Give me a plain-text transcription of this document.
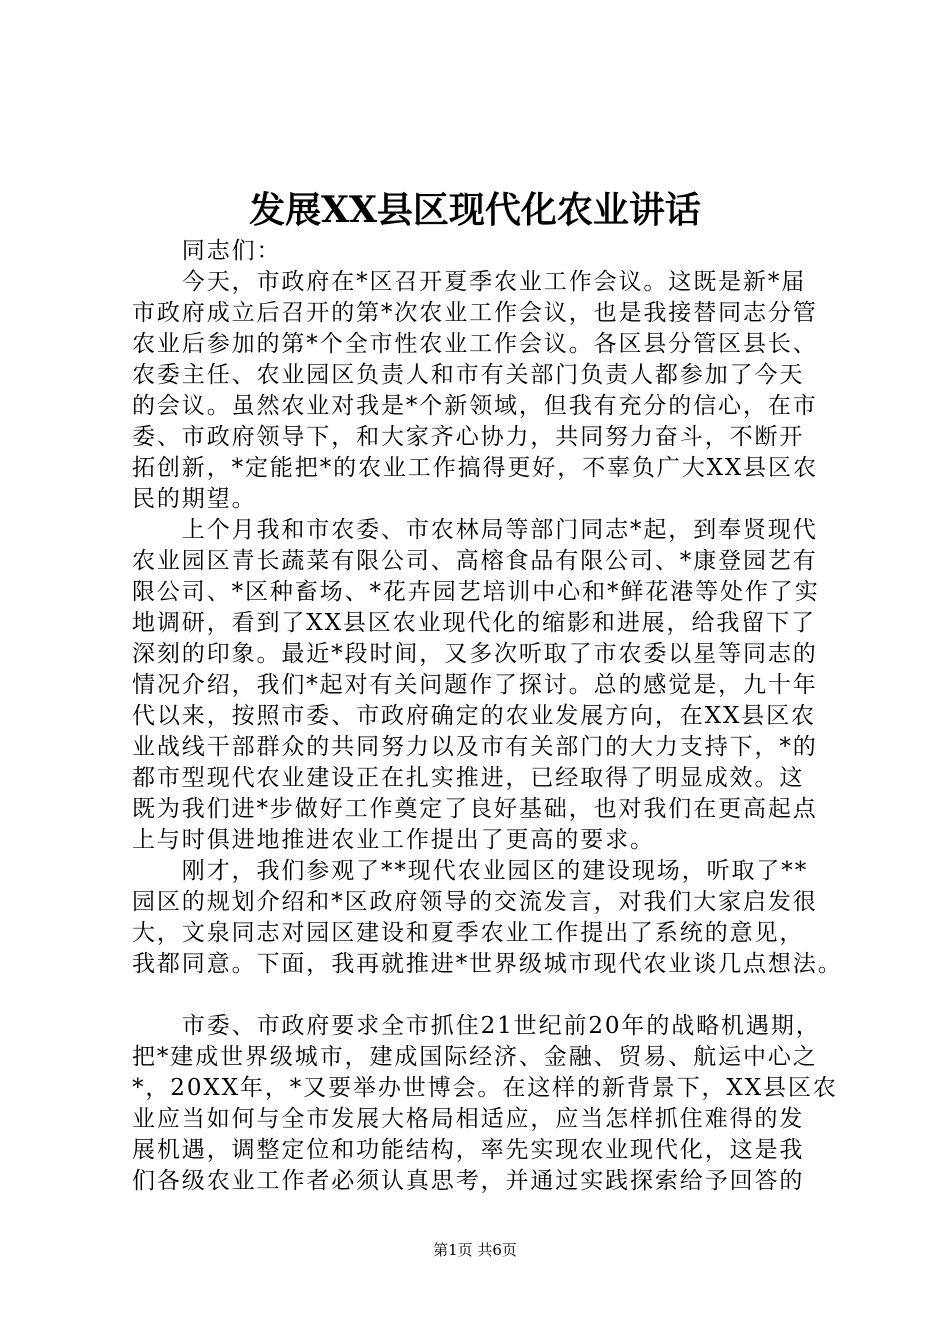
发展XX县区现代化农业讲话
　　同志们：
　　今天，市政府在*区召开夏季农业工作会议。这既是新*届
市政府成立后召开的第*次农业工作会议，也是我接替同志分管
农业后参加的第*个全市性农业工作会议。各区县分管区县长、
农委主任、农业园区负责人和市有关部门负责人都参加了今天
的会议。虽然农业对我是*个新领域，但我有充分的信心，在市
委、市政府领导下，和大家齐心协力，共同努力奋斗，不断开
拓创新，*定能把*的农业工作搞得更好，不辜负广大XX县区农
民的期望。
　　上个月我和市农委、市农林局等部门同志*起，到奉贤现代
农业园区青长蔬菜有限公司、高榕食品有限公司、*康登园艺有
限公司、*区种畜场、*花卉园艺培训中心和*鲜花港等处作了实
地调研，看到了XX县区农业现代化的缩影和进展，给我留下了
深刻的印象。最近*段时间，又多次听取了市农委以星等同志的
情况介绍，我们*起对有关问题作了探讨。总的感觉是，九十年
代以来，按照市委、市政府确定的农业发展方向，在XX县区农
业战线干部群众的共同努力以及市有关部门的大力支持下，*的
都市型现代农业建设正在扎实推进，已经取得了明显成效。这
既为我们进*步做好工作奠定了良好基础，也对我们在更高起点
上与时俱进地推进农业工作提出了更高的要求。
　　刚才，我们参观了**现代农业园区的建设现场，听取了**
园区的规划介绍和*区政府领导的交流发言，对我们大家启发很
大，文泉同志对园区建设和夏季农业工作提出了系统的意见，
我都同意。下面，我再就推进*世界级城市现代农业谈几点想法。
　　市委、市政府要求全市抓住21世纪前20年的战略机遇期，
把*建成世界级城市，建成国际经济、金融、贸易、航运中心之
*，20XX年，*又要举办世博会。在这样的新背景下，XX县区农
业应当如何与全市发展大格局相适应，应当怎样抓住难得的发
展机遇，调整定位和功能结构，率先实现农业现代化，这是我
们各级农业工作者必须认真思考，并通过实践探索给予回答的
第1页 共6页
